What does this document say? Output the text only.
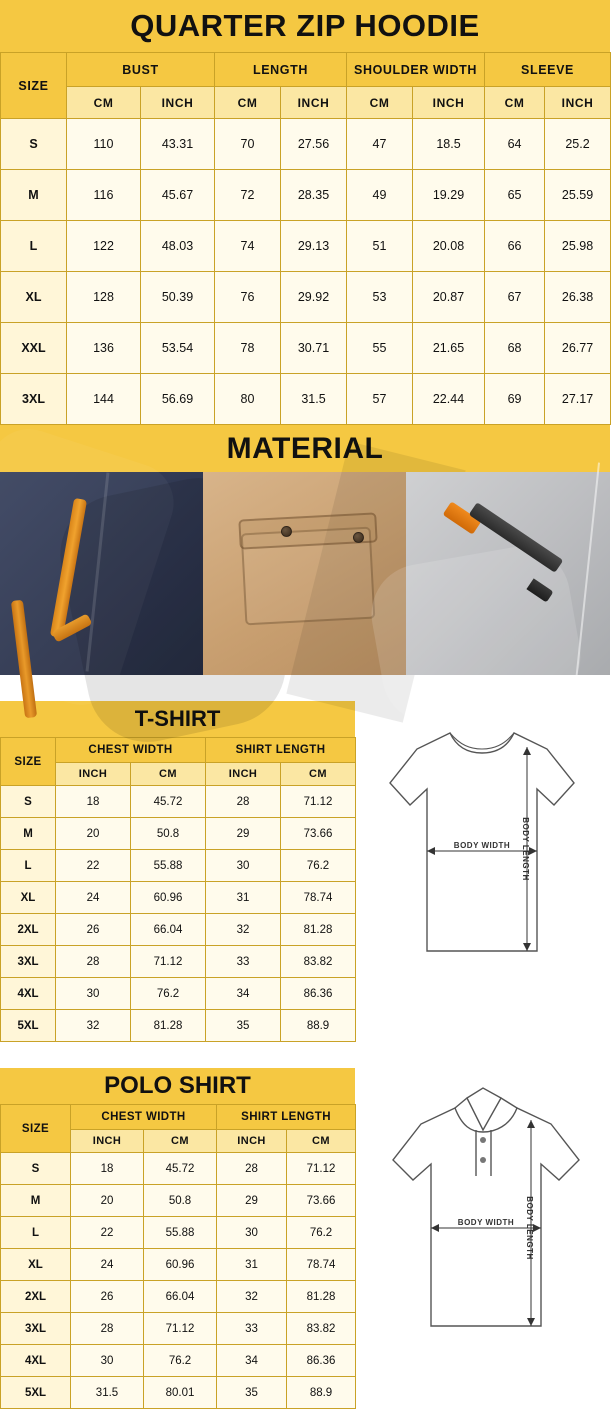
QUARTER ZIP HOODIE
SIZE	BUST		LENGTH		SHOULDER WIDTH		SLEEVE	
	CM	INCH	CM	INCH	CM	INCH	CM	INCH
S	110	43.31	70	27.56	47	18.5	64	25.2
M	116	45.67	72	28.35	49	19.29	65	25.59
L	122	48.03	74	29.13	51	20.08	66	25.98
XL	128	50.39	76	29.92	53	20.87	67	26.38
XXL	136	53.54	78	30.71	55	21.65	68	26.77
3XL	144	56.69	80	31.5	57	22.44	69	27.17
MATERIAL
T-SHIRT
SIZE	CHEST WIDTH		SHIRT LENGTH	
	INCH	CM	INCH	CM
S	18	45.72	28	71.12
M	20	50.8	29	73.66
L	22	55.88	30	76.2
XL	24	60.96	31	78.74
2XL	26	66.04	32	81.28
3XL	28	71.12	33	83.82
4XL	30	76.2	34	86.36
5XL	32	81.28	35	88.9
BODY WIDTH BODY LENGTH
POLO SHIRT
SIZE	CHEST WIDTH		SHIRT LENGTH	
	INCH	CM	INCH	CM
S	18	45.72	28	71.12
M	20	50.8	29	73.66
L	22	55.88	30	76.2
XL	24	60.96	31	78.74
2XL	26	66.04	32	81.28
3XL	28	71.12	33	83.82
4XL	30	76.2	34	86.36
5XL	31.5	80.01	35	88.9
BODY WIDTH BODY LENGTH
